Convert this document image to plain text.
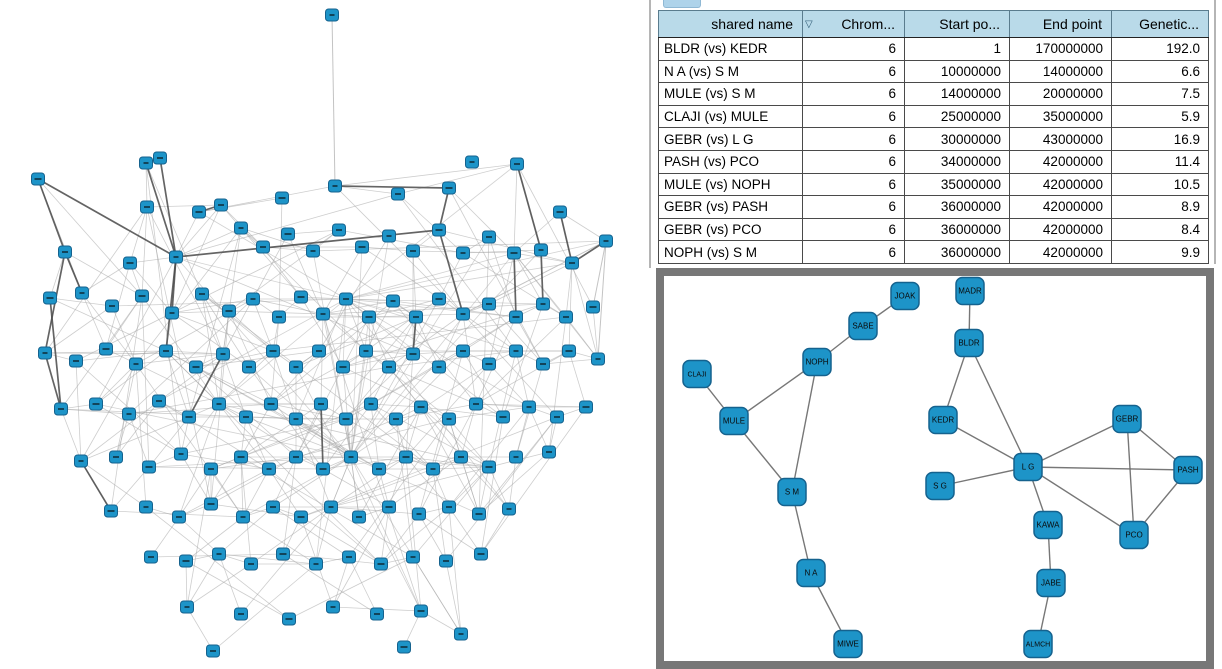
shared name	▽ Chrom...	Start po...	End point	Genetic...
BLDR (vs) KEDR	6	1	170000000	192.0
N A (vs) S M	6	10000000	14000000	6.6
MULE (vs) S M	6	14000000	20000000	7.5
CLAJI (vs) MULE	6	25000000	35000000	5.9
GEBR (vs) L G	6	30000000	43000000	16.9
PASH (vs) PCO	6	34000000	42000000	11.4
MULE (vs) NOPH	6	35000000	42000000	10.5
GEBR (vs) PASH	6	36000000	42000000	8.9
GEBR (vs) PCO	6	36000000	42000000	8.4
NOPH (vs) S M	6	36000000	42000000	9.9
CLAJI
MULE
NOPH
SABE
JOAK
S M
N A
MIWE
MADR
BLDR
KEDR
S G
L G
GEBR
PASH
PCO
KAWA
JABE
ALMCH
